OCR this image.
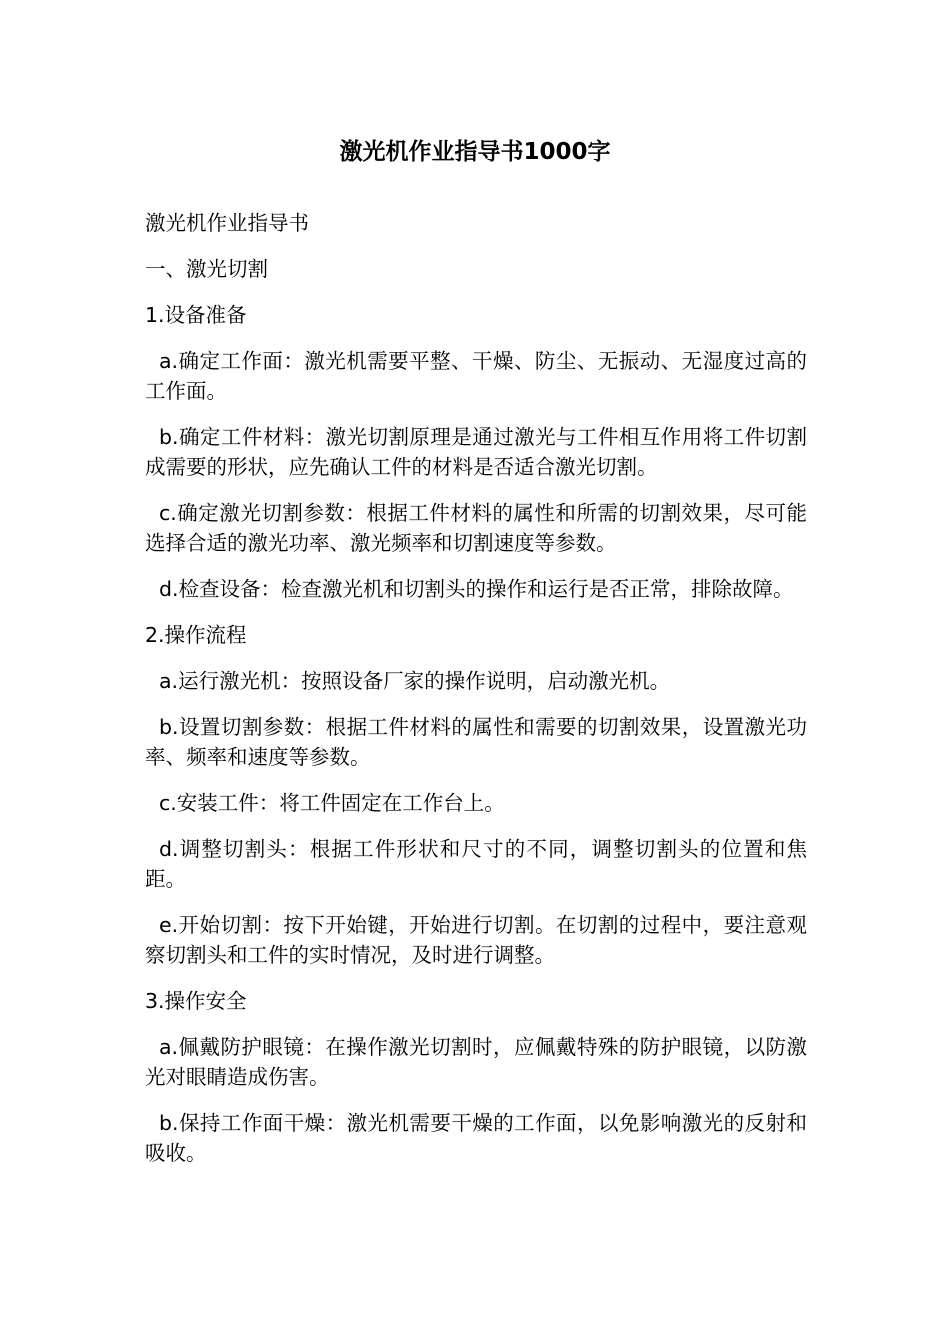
激光机作业指导书1000字

激光机作业指导书

一、激光切割

1.设备准备

a.确定工作面：激光机需要平整、干燥、防尘、无振动、无湿度过高的工作面。

b.确定工件材料：激光切割原理是通过激光与工件相互作用将工件切割成需要的形状，应先确认工件的材料是否适合激光切割。

c.确定激光切割参数：根据工件材料的属性和所需的切割效果，尽可能选择合适的激光功率、激光频率和切割速度等参数。

d.检查设备：检查激光机和切割头的操作和运行是否正常，排除故障。

2.操作流程

a.运行激光机：按照设备厂家的操作说明，启动激光机。

b.设置切割参数：根据工件材料的属性和需要的切割效果，设置激光功率、频率和速度等参数。

c.安装工件：将工件固定在工作台上。

d.调整切割头：根据工件形状和尺寸的不同，调整切割头的位置和焦距。

e.开始切割：按下开始键，开始进行切割。在切割的过程中，要注意观察切割头和工件的实时情况，及时进行调整。

3.操作安全

a.佩戴防护眼镜：在操作激光切割时，应佩戴特殊的防护眼镜，以防激光对眼睛造成伤害。

b.保持工作面干燥：激光机需要干燥的工作面，以免影响激光的反射和吸收。
